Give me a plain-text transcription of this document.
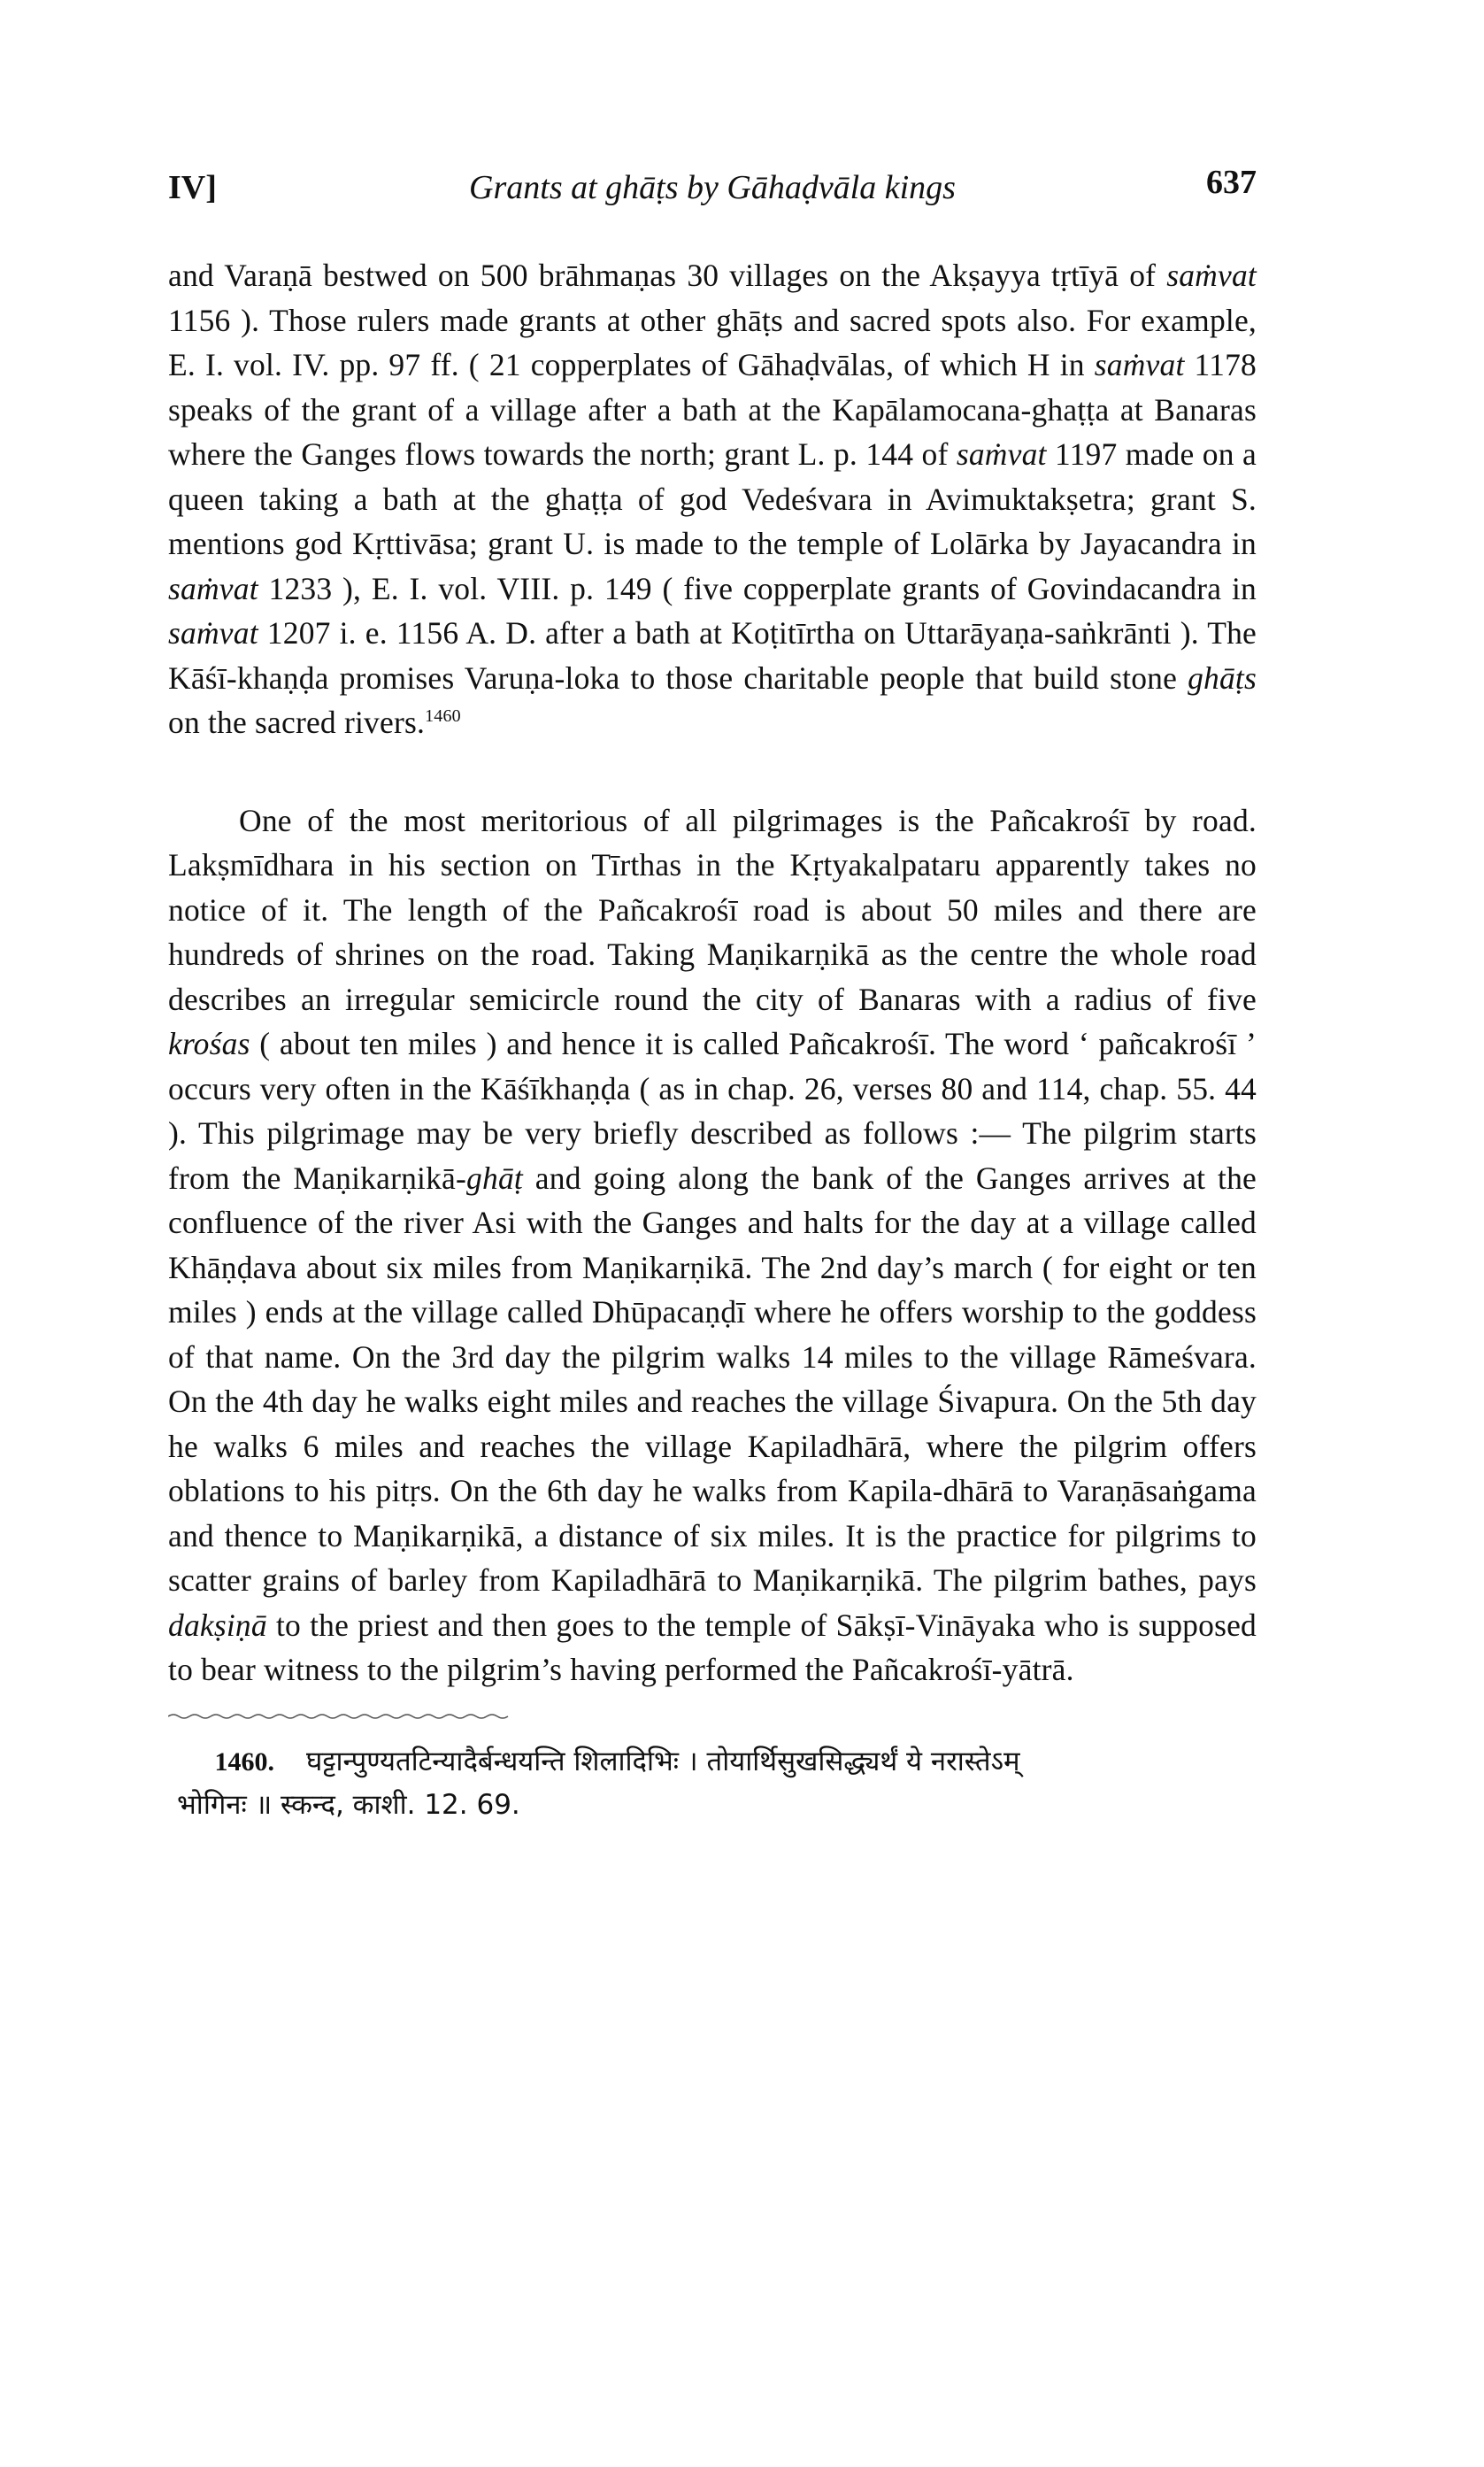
IV]	Grants at ghāṭs by Gāhaḍvāla kings	637

and Varaṇā bestwed on 500 brāhmaṇas 30 villages on the Akṣayya tṛtīyā of saṁvat 1156 ). Those rulers made grants at other ghāṭs and sacred spots also. For example, E. I. vol. IV. pp. 97 ff. ( 21 copperplates of Gāhaḍvālas, of which H in saṁvat 1178 speaks of the grant of a village after a bath at the Kapālamocana-ghaṭṭa at Banaras where the Ganges flows towards the north; grant L. p. 144 of saṁvat 1197 made on a queen taking a bath at the ghaṭṭa of god Vedeśvara in Avimuktakṣetra; grant S. mentions god Kṛttivāsa; grant U. is made to the temple of Lolārka by Jayacandra in saṁvat 1233 ), E. I. vol. VIII. p. 149 ( five copperplate grants of Govindacandra in saṁvat 1207 i. e. 1156 A. D. after a bath at Koṭitīrtha on Uttarāyaṇa-saṅkrānti ). The Kāśī-khaṇḍa promises Varuṇa-loka to those charitable people that build stone ghāṭs on the sacred rivers.$^{1460}$

One of the most meritorious of all pilgrimages is the Pañcakrośī by road. Lakṣmīdhara in his section on Tīrthas in the Kṛtyakalpataru apparently takes no notice of it. The length of the Pañcakrośī road is about 50 miles and there are hundreds of shrines on the road. Taking Maṇikarṇikā as the centre the whole road describes an irregular semicircle round the city of Banaras with a radius of five krośas ( about ten miles ) and hence it is called Pañcakrośī. The word ‘ pañcakrośī ’ occurs very often in the Kāśīkhaṇḍa ( as in chap. 26, verses 80 and 114, chap. 55. 44 ). This pilgrimage may be very briefly described as follows :— The pilgrim starts from the Maṇikarṇikā-ghāṭ and going along the bank of the Ganges arrives at the confluence of the river Asi with the Ganges and halts for the day at a village called Khāṇḍava about six miles from Maṇikarṇikā. The 2nd day’s march ( for eight or ten miles ) ends at the village called Dhūpacaṇḍī where he offers worship to the goddess of that name. On the 3rd day the pilgrim walks 14 miles to the village Rāmeśvara. On the 4th day he walks eight miles and reaches the village Śivapura. On the 5th day he walks 6 miles and reaches the village Kapiladhārā, where the pilgrim offers oblations to his pitṛs. On the 6th day he walks from Kapila-dhārā to Varaṇāsaṅgama and thence to Maṇikarṇikā, a distance of six miles. It is the practice for pilgrims to scatter grains of barley from Kapiladhārā to Maṇikarṇikā. The pilgrim bathes, pays dakṣiṇā to the priest and then goes to the temple of Sākṣī-Vināyaka who is supposed to bear witness to the pilgrim’s having performed the Pañcakrośī-yātrā.

1460. घट्टान्पुण्यतटिन्यादैर्बन्धयन्ति शिलादिभिः । तोयार्थिसुखसिद्ध्यर्थं ये नरास्तेऽम्
भोगिनः ॥ स्कन्द, काशी. 12. 69.
